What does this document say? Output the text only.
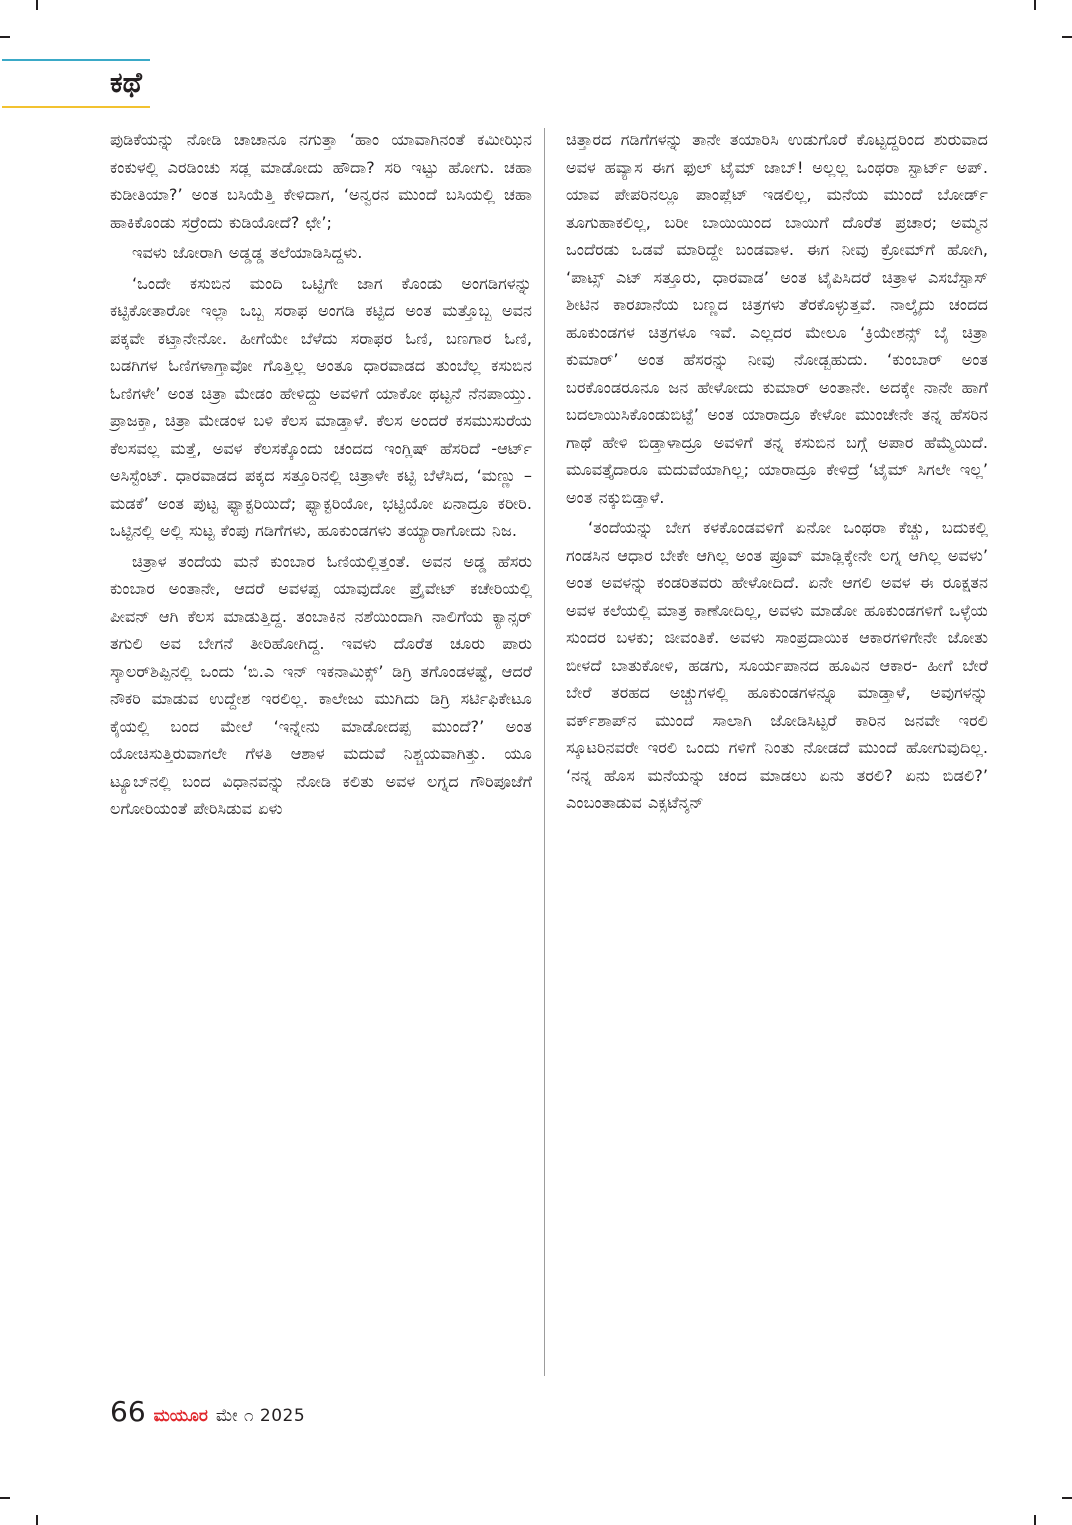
ಕಥೆ

ಪುಡಿಕೆಯನ್ನು ನೋಡಿ ಚಾಚಾನೂ ನಗುತ್ತಾ ‘ಹಾಂ ಯಾವಾಗಿನಂತೆ ಕಮೀಝಿನ ಕಂಕುಳಲ್ಲಿ ಎರಡಿಂಚು ಸಡ್ಲ ಮಾಡೋದು ಹೌದಾ? ಸರಿ ಇಟ್ಟು ಹೋಗು. ಚಹಾ ಕುಡೀತಿಯಾ?’ ಅಂತ ಬಸಿಯೆತ್ತಿ ಕೇಳಿದಾಗ, ‘ಅನ್ವರನ ಮುಂದೆ ಬಸಿಯಲ್ಲಿ ಚಹಾ ಹಾಕಿಕೊಂಡು ಸರ್ರೆಂದು ಕುಡಿಯೋದೆ? ಛೇ’;

ಇವಳು ಜೋರಾಗಿ ಅಡ್ಡಡ್ಡ ತಲೆಯಾಡಿಸಿದ್ದಳು.

‘ಒಂದೇ ಕಸುಬಿನ ಮಂದಿ ಒಟ್ಟಿಗೇ ಜಾಗ ಕೊಂಡು ಅಂಗಡಿಗಳನ್ನು ಕಟ್ಟಿಕೋತಾರೋ ಇಲ್ಲಾ ಒಬ್ಬ ಸರಾಫ ಅಂಗಡಿ ಕಟ್ಟಿದ ಅಂತ ಮತ್ತೊಬ್ಬ ಅವನ ಪಕ್ಕವೇ ಕಟ್ತಾನೇನೋ. ಹೀಗೆಯೇ ಬೆಳೆದು ಸರಾಫರ ಓಣಿ, ಬಣಗಾರ ಓಣಿ, ಬಡಗಿಗಳ ಓಣಿಗಳಾಗ್ತಾವೋ ಗೊತ್ತಿಲ್ಲ ಅಂತೂ ಧಾರವಾಡದ ತುಂಬೆಲ್ಲ ಕಸುಬಿನ ಓಣಿಗಳೇ’ ಅಂತ ಚಿತ್ರಾ ಮೇಡಂ ಹೇಳಿದ್ದು ಅವಳಿಗೆ ಯಾಕೋ ಥಟ್ಟನೆ ನೆನಪಾಯ್ತು. ಪ್ರಾಜಕ್ತಾ, ಚಿತ್ರಾ ಮೇಡಂಳ ಬಳಿ ಕೆಲಸ ಮಾಡ್ತಾಳೆ. ಕೆಲಸ ಅಂದರೆ ಕಸಮುಸುರೆಯ ಕೆಲಸವಲ್ಲ ಮತ್ತೆ, ಅವಳ ಕೆಲಸಕ್ಕೊಂದು ಚಂದದ ಇಂಗ್ಲಿಷ್ ಹೆಸರಿದೆ -ಆರ್ಟ್ ಅಸಿಸ್ಟೆಂಟ್. ಧಾರವಾಡದ ಪಕ್ಕದ ಸತ್ತೂರಿನಲ್ಲಿ ಚಿತ್ರಾಳೇ ಕಟ್ಟಿ ಬೆಳೆಸಿದ, ‘ಮಣ್ಣು – ಮಡಕೆ’ ಅಂತ ಪುಟ್ಟ ಫ್ಯಾಕ್ಟರಿಯಿದೆ; ಫ್ಯಾಕ್ಟರಿಯೋ, ಭಟ್ಟಿಯೋ ಏನಾದ್ರೂ ಕರೀರಿ. ಒಟ್ಟಿನಲ್ಲಿ ಅಲ್ಲಿ ಸುಟ್ಟ ಕೆಂಪು ಗಡಿಗೆಗಳು, ಹೂಕುಂಡಗಳು ತಯ್ಯಾರಾಗೋದು ನಿಜ.

ಚಿತ್ರಾಳ ತಂದೆಯ ಮನೆ ಕುಂಬಾರ ಓಣಿಯಲ್ಲಿತ್ತಂತೆ. ಅವನ ಅಡ್ಡ ಹೆಸರು ಕುಂಬಾರ ಅಂತಾನೇ, ಆದರೆ ಅವಳಪ್ಪ ಯಾವುದೋ ಪ್ರೈವೇಟ್ ಕಚೇರಿಯಲ್ಲಿ ಪೀವನ್ ಆಗಿ ಕೆಲಸ ಮಾಡುತ್ತಿದ್ದ. ತಂಬಾಕಿನ ನಶೆಯಿಂದಾಗಿ ನಾಲಿಗೆಯ ಕ್ಯಾನ್ಸರ್ ತಗುಲಿ ಅವ ಬೇಗನೆ ತೀರಿಹೋಗಿದ್ದ. ಇವಳು ದೊರೆತ ಚೂರು ಪಾರು ಸ್ಕಾಲರ್‌ಶಿಪ್ಪಿನಲ್ಲಿ ಒಂದು ‘ಬಿ.ಎ ಇನ್ ಇಕನಾಮಿಕ್ಸ್’ ಡಿಗ್ರಿ ತಗೊಂಡಳಷ್ಟೆ, ಆದರೆ ನೌಕರಿ ಮಾಡುವ ಉದ್ದೇಶ ಇರಲಿಲ್ಲ. ಕಾಲೇಜು ಮುಗಿದು ಡಿಗ್ರಿ ಸರ್ಟಿಫಿಕೇಟೂ ಕೈಯಲ್ಲಿ ಬಂದ ಮೇಲೆ ‘ಇನ್ನೇನು ಮಾಡೋದಪ್ಪ ಮುಂದೆ?’ ಅಂತ ಯೋಚಿಸುತ್ತಿರುವಾಗಲೇ ಗೆಳತಿ ಆಶಾಳ ಮದುವೆ ನಿಶ್ಚಯವಾಗಿತ್ತು. ಯೂ ಟ್ಯೂಬ್‌ನಲ್ಲಿ ಬಂದ ವಿಧಾನವನ್ನು ನೋಡಿ ಕಲಿತು ಅವಳ ಲಗ್ನದ ಗೌರಿಪೂಜೆಗೆ ಲಗೋರಿಯಂತೆ ಪೇರಿಸಿಡುವ ಏಳು

ಚಿತ್ತಾರದ ಗಡಿಗೆಗಳನ್ನು ತಾನೇ ತಯಾರಿಸಿ ಉಡುಗೊರೆ ಕೊಟ್ಟದ್ದರಿಂದ ಶುರುವಾದ ಅವಳ ಹವ್ಯಾಸ ಈಗ ಫುಲ್ ಟೈಮ್ ಜಾಬ್! ಅಲ್ಲಲ್ಲ ಒಂಥರಾ ಸ್ಟಾರ್ಟ್ ಅಪ್. ಯಾವ ಪೇಪರಿನಲ್ಲೂ ಪಾಂಪ್ಲೆಟ್ ಇಡಲಿಲ್ಲ, ಮನೆಯ ಮುಂದೆ ಬೋರ್ಡ್ ತೂಗುಹಾಕಲಿಲ್ಲ, ಬರೀ ಬಾಯಿಯಿಂದ ಬಾಯಿಗೆ ದೊರೆತ ಪ್ರಚಾರ; ಅಮ್ಮನ ಒಂದೆರಡು ಒಡವೆ ಮಾರಿದ್ದೇ ಬಂಡವಾಳ. ಈಗ ನೀವು ಕ್ರೋಮ್‌ಗೆ ಹೋಗಿ, ‘ಪಾಟ್ಸ್ ಎಟ್ ಸತ್ತೂರು, ಧಾರವಾಡ’ ಅಂತ ಟೈಪಿಸಿದರೆ ಚಿತ್ರಾಳ ಎಸಬೆಸ್ಟಾಸ್ ಶೀಟಿನ ಕಾರಖಾನೆಯ ಬಣ್ಣದ ಚಿತ್ರಗಳು ತೆರಕೊಳ್ಳುತ್ತವೆ. ನಾಲ್ಕೈದು ಚಂದದ ಹೂಕುಂಡಗಳ ಚಿತ್ರಗಳೂ ಇವೆ. ಎಲ್ಲದರ ಮೇಲೂ ‘ಕ್ರಿಯೇಶನ್ಸ್ ಬೈ ಚಿತ್ರಾ ಕುಮಾರ್’ ಅಂತ ಹೆಸರನ್ನು ನೀವು ನೋಡ್ಬಹುದು. ‘ಕುಂಬಾರ್ ಅಂತ ಬರಕೊಂಡರೂನೂ ಜನ ಹೇಳೋದು ಕುಮಾರ್ ಅಂತಾನೇ. ಅದಕ್ಕೇ ನಾನೇ ಹಾಗೆ ಬದಲಾಯಿಸಿಕೊಂಡುಬಿಟ್ಟೆ’ ಅಂತ ಯಾರಾದ್ರೂ ಕೇಳೋ ಮುಂಚೇನೇ ತನ್ನ ಹೆಸರಿನ ಗಾಥೆ ಹೇಳಿ ಬಿಡ್ತಾಳಾದ್ರೂ ಅವಳಿಗೆ ತನ್ನ ಕಸುಬಿನ ಬಗ್ಗೆ ಅಪಾರ ಹೆಮ್ಮೆಯಿದೆ. ಮೂವತ್ತೈದಾರೂ ಮದುವೆಯಾಗಿಲ್ಲ; ಯಾರಾದ್ರೂ ಕೇಳಿದ್ರೆ ‘ಟೈಮ್ ಸಿಗಲೇ ಇಲ್ಲ’ ಅಂತ ನಕ್ಕುಬಿಡ್ತಾಳೆ.

‘ತಂದೆಯನ್ನು ಬೇಗ ಕಳಕೊಂಡವಳಿಗೆ ಏನೋ ಒಂಥರಾ ಕೆಚ್ಚು, ಬದುಕಲ್ಲಿ ಗಂಡಸಿನ ಆಧಾರ ಬೇಕೇ ಆಗಿಲ್ಲ ಅಂತ ಪ್ರೂವ್ ಮಾಡ್ಲಿಕ್ಕೇನೇ ಲಗ್ನ ಆಗಿಲ್ಲ ಅವಳು’ ಅಂತ ಅವಳನ್ನು ಕಂಡರಿತವರು ಹೇಳೋದಿದೆ. ಏನೇ ಆಗಲಿ ಅವಳ ಈ ರೂಕ್ಷತನ ಅವಳ ಕಲೆಯಲ್ಲಿ ಮಾತ್ರ ಕಾಣೋದಿಲ್ಲ, ಅವಳು ಮಾಡೋ ಹೂಕುಂಡಗಳಿಗೆ ಒಳ್ಳೆಯ ಸುಂದರ ಬಳಕು; ಜೀವಂತಿಕೆ. ಅವಳು ಸಾಂಪ್ರದಾಯಿಕ ಆಕಾರಗಳಿಗೇನೇ ಜೋತು ಬೀಳದೆ ಬಾತುಕೋಳಿ, ಹಡಗು, ಸೂರ್ಯಪಾನದ ಹೂವಿನ ಆಕಾರ- ಹೀಗೆ ಬೇರೆ ಬೇರೆ ತರಹದ ಅಚ್ಚುಗಳಲ್ಲಿ ಹೂಕುಂಡಗಳನ್ನೂ ಮಾಡ್ತಾಳೆ, ಅವುಗಳನ್ನು ವರ್ಕ್‌ಶಾಪ್‌ನ ಮುಂದೆ ಸಾಲಾಗಿ ಜೋಡಿಸಿಟ್ಟರೆ ಕಾರಿನ ಜನವೇ ಇರಲಿ ಸ್ಕೂಟರಿನವರೇ ಇರಲಿ ಒಂದು ಗಳಿಗೆ ನಿಂತು ನೋಡದೆ ಮುಂದೆ ಹೋಗುವುದಿಲ್ಲ. ‘ನನ್ನ ಹೊಸ ಮನೆಯನ್ನು ಚಂದ ಮಾಡಲು ಏನು ತರಲಿ? ಏನು ಬಿಡಲಿ?’ ಎಂಬಂತಾಡುವ ಎಕ್ಸಟೆನ್ಶನ್

66 ಮಯೂರ ಮೇ ೧ 2025
